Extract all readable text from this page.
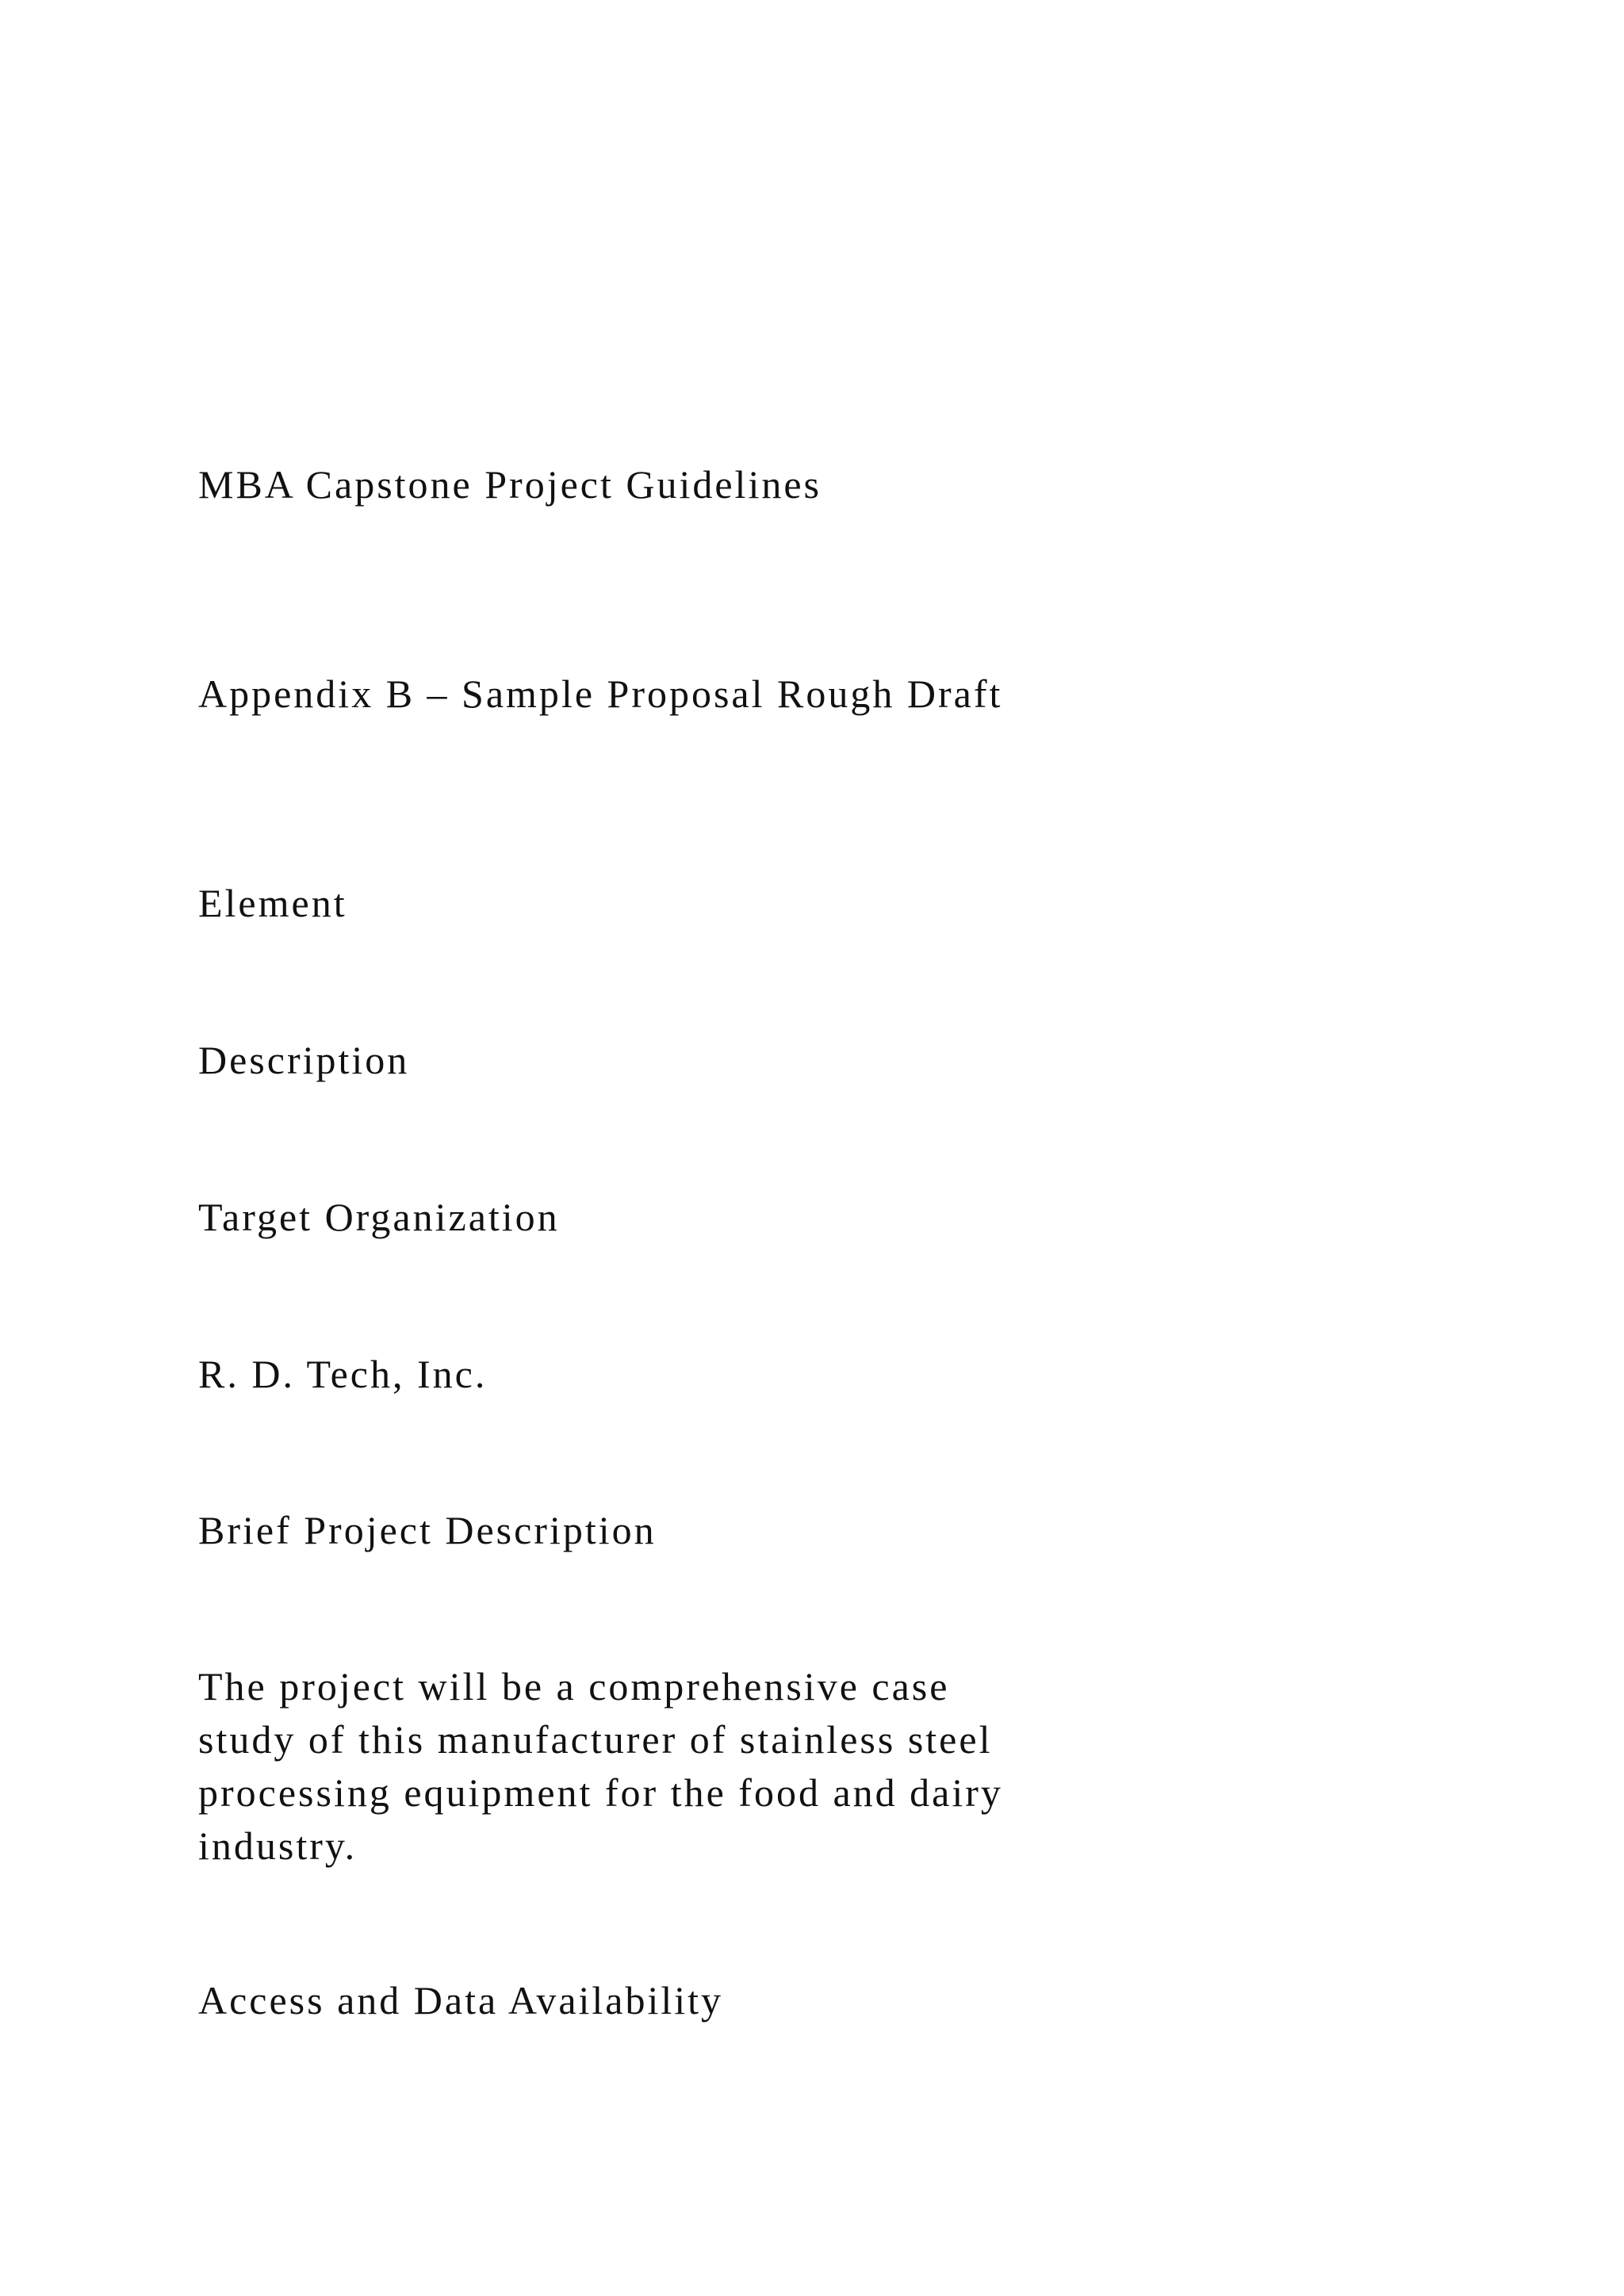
MBA Capstone Project Guidelines
Appendix B – Sample Proposal Rough Draft
Element
Description
Target Organization
R. D. Tech, Inc.
Brief Project Description
The project will be a comprehensive case
study of this manufacturer of stainless steel
processing equipment for the food and dairy
industry.
Access and Data Availability
